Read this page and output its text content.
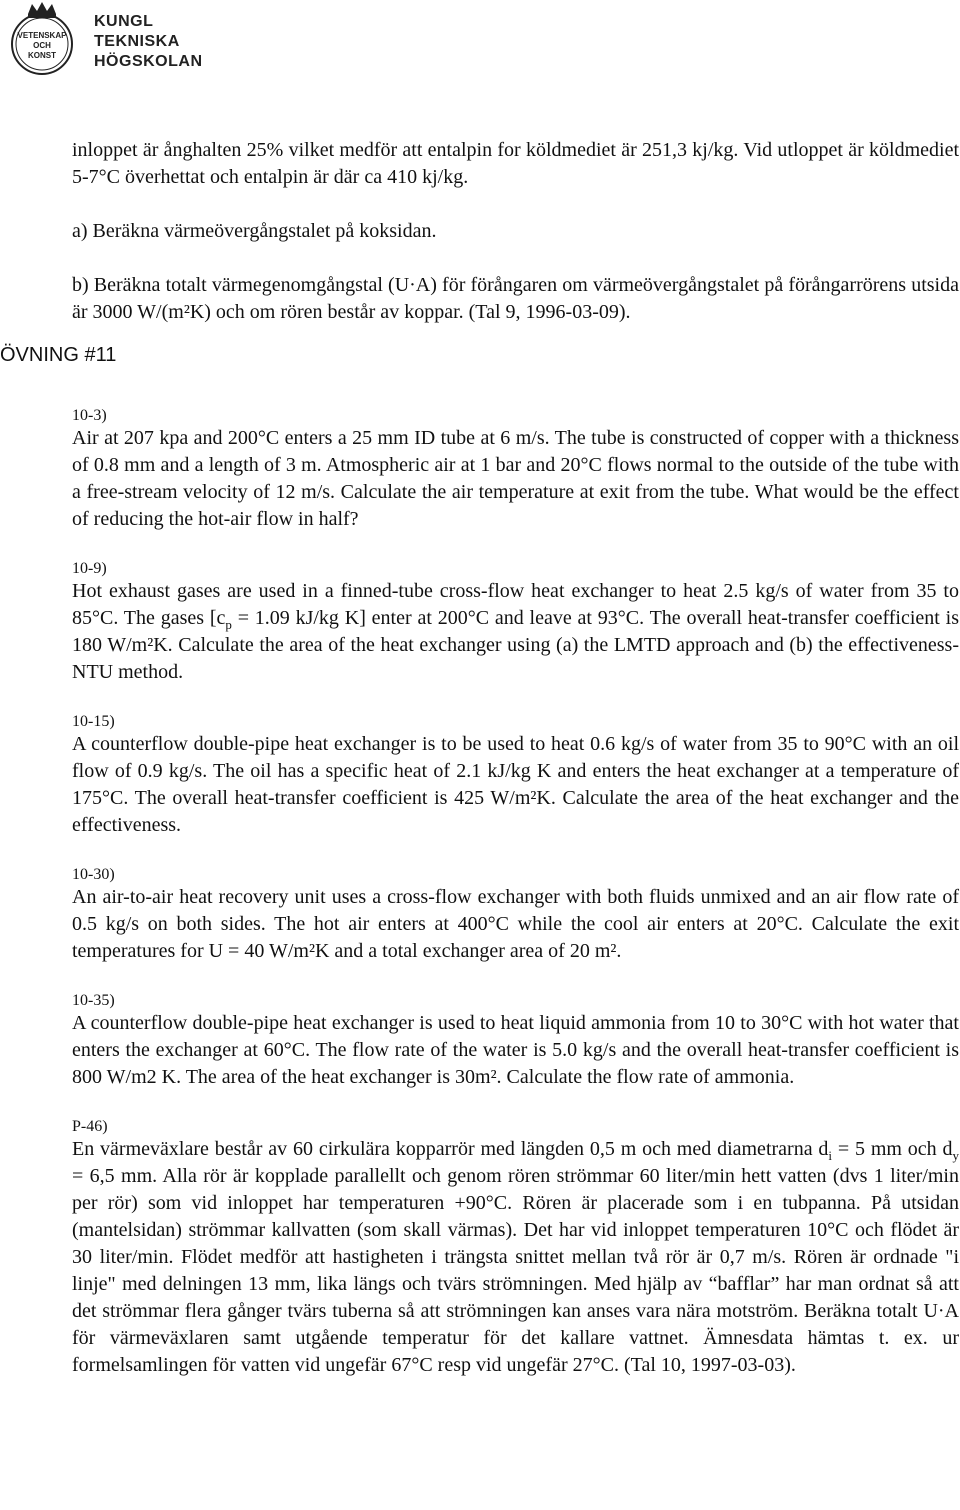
VETENSKAP
OCH
KONST
KUNGL
TEKNISKA
HÖGSKOLAN
ÖVNING #11

inloppet är ånghalten 25% vilket medför att entalpin for köldmediet är 251,3 kj/kg. Vid utloppet är köldmediet 5-7°C överhettat och entalpin är där ca 410 kj/kg.

a) Beräkna värmeövergångstalet på koksidan.

b) Beräkna totalt värmegenomgångstal (U·A) för förångaren om värmeövergångstalet på förångarrörens utsida är 3000 W/(m²K) och om rören består av koppar. (Tal 9, 1996-03-09).

10-3)

Air at 207 kpa and 200°C enters a 25 mm ID tube at 6 m/s. The tube is constructed of copper with a thickness of 0.8 mm and a length of 3 m. Atmospheric air at 1 bar and 20°C flows normal to the outside of the tube with a free-stream velocity of 12 m/s. Calculate the air temperature at exit from the tube. What would be the effect of reducing the hot-air flow in half?

10-9)

Hot exhaust gases are used in a finned-tube cross-flow heat exchanger to heat 2.5 kg/s of water from 35 to 85°C. The gases [$c_p = 1.09$ kJ/kg K] enter at 200°C and leave at 93°C. The overall heat-transfer coefficient is 180 W/m²K. Calculate the area of the heat exchanger using (a) the LMTD approach and (b) the effectiveness-NTU method.

10-15)

A counterflow double-pipe heat exchanger is to be used to heat 0.6 kg/s of water from 35 to 90°C with an oil flow of 0.9 kg/s. The oil has a specific heat of 2.1 kJ/kg K and enters the heat exchanger at a temperature of 175°C. The overall heat-transfer coefficient is 425 W/m²K. Calculate the area of the heat exchanger and the effectiveness.

10-30)

An air-to-air heat recovery unit uses a cross-flow exchanger with both fluids unmixed and an air flow rate of 0.5 kg/s on both sides. The hot air enters at 400°C while the cool air enters at 20°C. Calculate the exit temperatures for U = 40 W/m²K and a total exchanger area of 20 m².

10-35)

A counterflow double-pipe heat exchanger is used to heat liquid ammonia from 10 to 30°C with hot water that enters the exchanger at 60°C. The flow rate of the water is 5.0 kg/s and the overall heat-transfer coefficient is 800 W/m2 K. The area of the heat exchanger is 30m². Calculate the flow rate of ammonia.

P-46)

En värmeväxlare består av 60 cirkulära kopparrör med längden 0,5 m och med diametrarna $d_i = 5$ mm och $d_y = 6,5$ mm. Alla rör är kopplade parallellt och genom rören strömmar 60 liter/min hett vatten (dvs 1 liter/min per rör) som vid inloppet har temperaturen +90°C. Rören är placerade som i en tubpanna. På utsidan (mantelsidan) strömmar kallvatten (som skall värmas). Det har vid inloppet temperaturen 10°C och flödet är 30 liter/min. Flödet medför att hastigheten i trängsta snittet mellan två rör är 0,7 m/s. Rören är ordnade "i linje" med delningen 13 mm, lika längs och tvärs strömningen. Med hjälp av “bafflar” har man ordnat så att det strömmar flera gånger tvärs tuberna så att strömningen kan anses vara nära motström. Beräkna totalt U·A för värmeväxlaren samt utgående temperatur för det kallare vattnet. Ämnesdata hämtas t. ex. ur formelsamlingen för vatten vid ungefär 67°C resp vid ungefär 27°C. (Tal 10, 1997-03-03).
